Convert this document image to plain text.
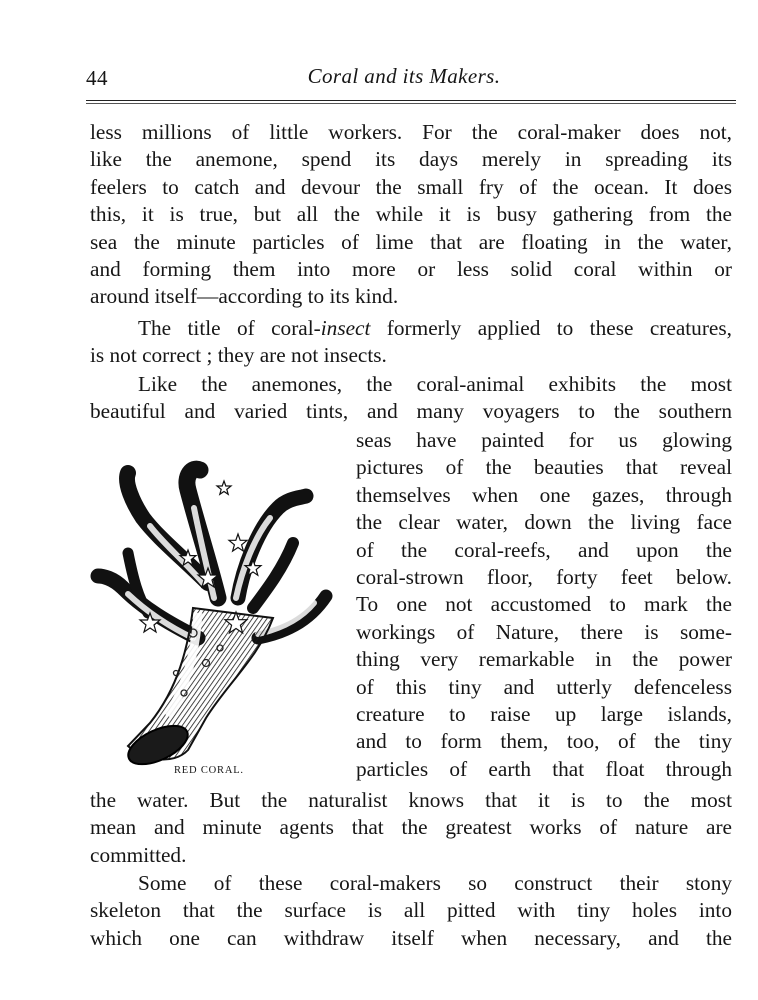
44	Coral and its Makers.
less millions of little workers. For the coral-maker does not,
like the anemone, spend its days merely in spreading its
feelers to catch and devour the small fry of the ocean. It does
this, it is true, but all the while it is busy gathering from the
sea the minute particles of lime that are floating in the water,
and forming them into more or less solid coral within or
around itself—according to its kind.
The title of coral-insect formerly applied to these creatures,
is not correct ; they are not insects.
Like the anemones, the coral-animal exhibits the most
beautiful and varied tints, and many voyagers to the southern
seas have painted for us glowing
pictures of the beauties that reveal
themselves when one gazes, through
the clear water, down the living face
of the coral-reefs, and upon the
coral-strown floor, forty feet below.
To one not accustomed to mark the
workings of Nature, there is some-
thing very remarkable in the power
of this tiny and utterly defenceless
creature to raise up large islands,
and to form them, too, of the tiny
particles of earth that float through
the water. But the naturalist knows that it is to the most
mean and minute agents that the greatest works of nature are
committed.
Some of these coral-makers so construct their stony
skeleton that the surface is all pitted with tiny holes into
which one can withdraw itself when necessary, and the
RED CORAL.
